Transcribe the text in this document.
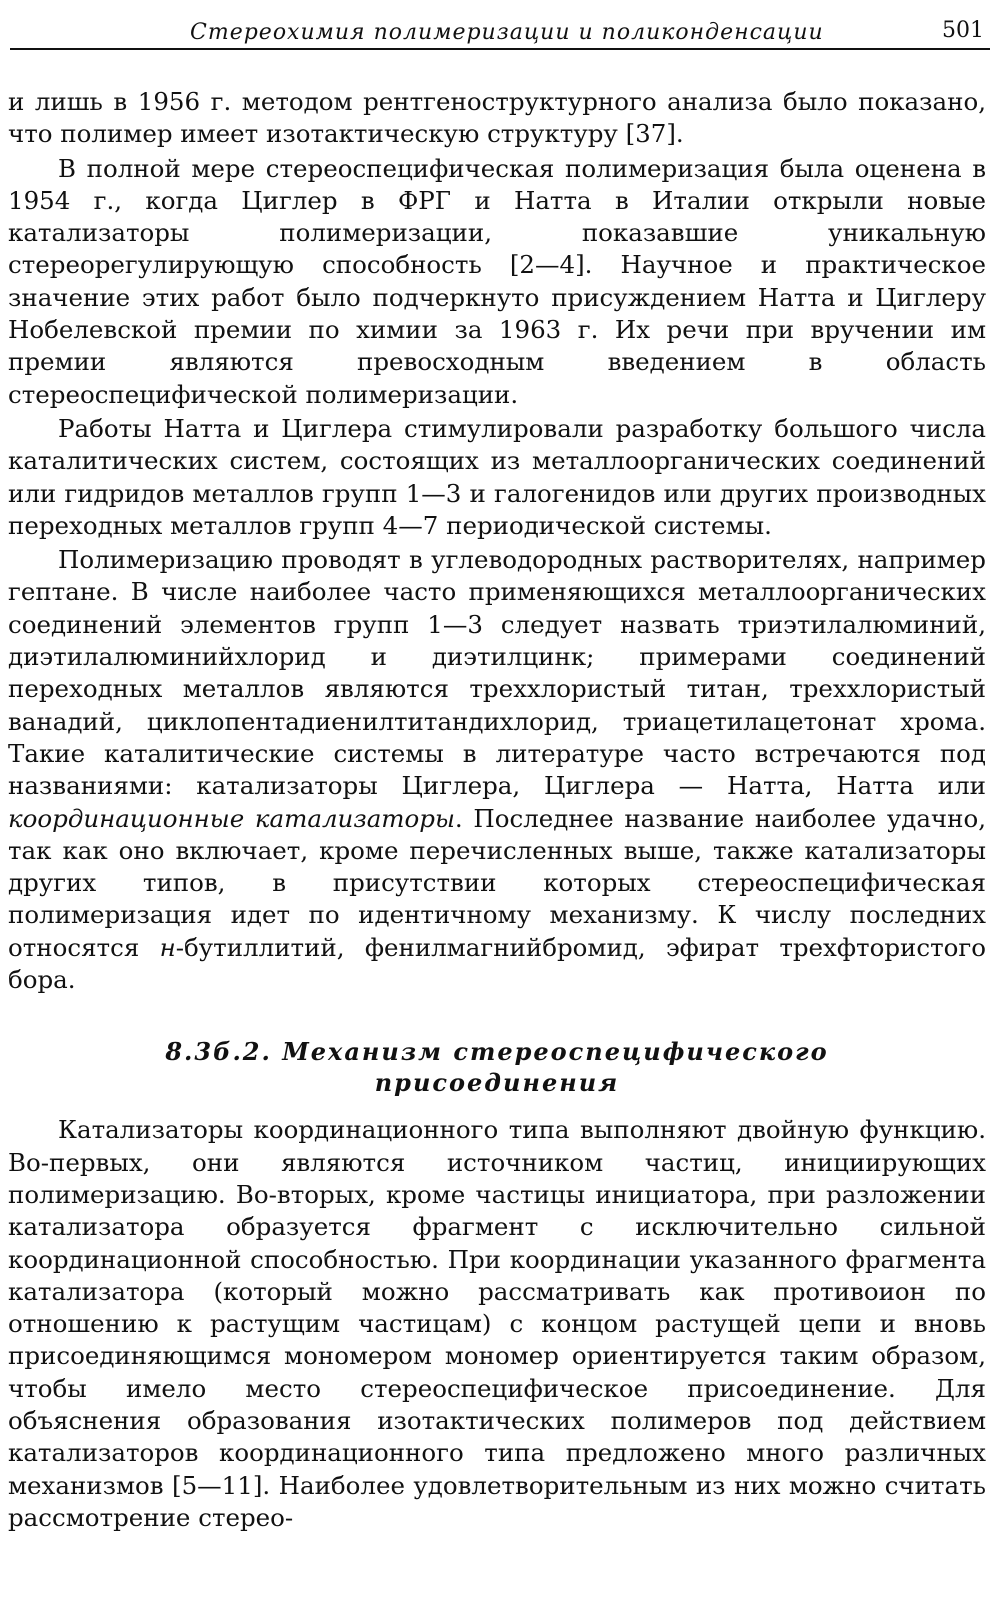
Стереохимия полимеризации и поликонденсации	501

и лишь в 1956 г. методом рентгеноструктурного анализа было показано, что полимер имеет изотактическую структуру [37].

В полной мере стереоспецифическая полимеризация была оценена в 1954 г., когда Циглер в ФРГ и Натта в Италии открыли новые катализаторы полимеризации, показавшие уникальную стереорегулирующую способность [2—4]. Научное и практическое значение этих работ было подчеркнуто присуждением Натта и Циглеру Нобелевской премии по химии за 1963 г. Их речи при вручении им премии являются превосходным введением в область стереоспецифической полимеризации.

Работы Натта и Циглера стимулировали разработку большого числа каталитических систем, состоящих из металлоорганических соединений или гидридов металлов групп 1—3 и галогенидов или других производных переходных металлов групп 4—7 периодической системы.

Полимеризацию проводят в углеводородных растворителях, например гептане. В числе наиболее часто применяющихся металлоорганических соединений элементов групп 1—3 следует назвать триэтилалюминий, диэтилалюминийхлорид и диэтилцинк; примерами соединений переходных металлов являются треххлористый титан, треххлористый ванадий, циклопентадиенилтитандихлорид, триацетилацетонат хрома. Такие каталитические системы в литературе часто встречаются под названиями: катализаторы Циглера, Циглера — Натта, Натта или координационные катализаторы. Последнее название наиболее удачно, так как оно включает, кроме перечисленных выше, также катализаторы других типов, в присутствии которых стереоспецифическая полимеризация идет по идентичному механизму. К числу последних относятся н-бутиллитий, фенилмагнийбромид, эфират трехфтористого бора.

8.3б.2. Механизм стереоспецифического
присоединения

Катализаторы координационного типа выполняют двойную функцию. Во-первых, они являются источником частиц, инициирующих полимеризацию. Во-вторых, кроме частицы инициатора, при разложении катализатора образуется фрагмент с исключительно сильной координационной способностью. При координации указанного фрагмента катализатора (который можно рассматривать как противоион по отношению к растущим частицам) с концом растущей цепи и вновь присоединяющимся мономером мономер ориентируется таким образом, чтобы имело место стереоспецифическое присоединение. Для объяснения образования изотактических полимеров под действием катализаторов координационного типа предложено много различных механизмов [5—11]. Наиболее удовлетворительным из них можно считать рассмотрение стерео-
